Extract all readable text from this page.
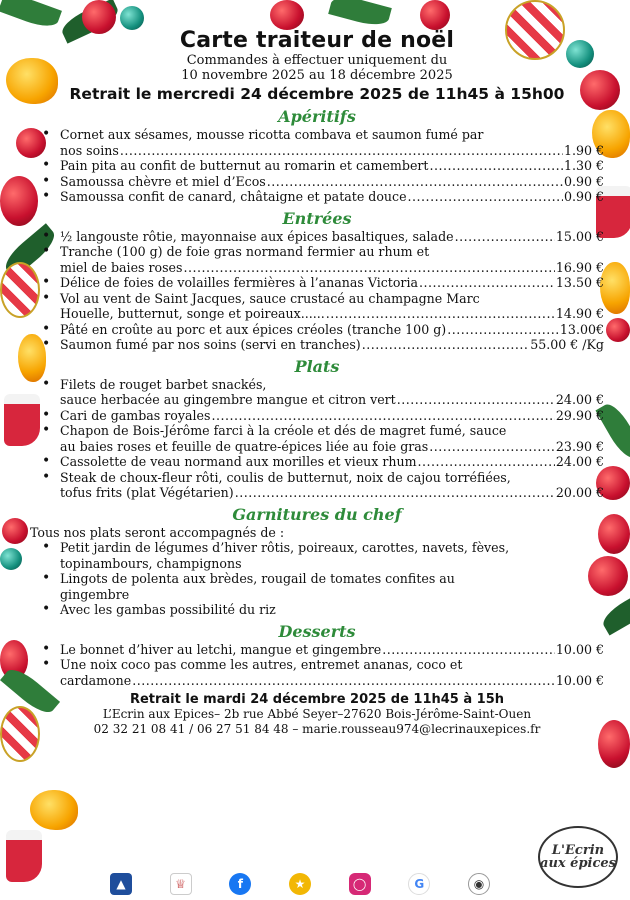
Carte traiteur de noël
Commandes à effectuer uniquement du
10 novembre 2025 au 18 décembre 2025
Retrait le mercredi 24 décembre 2025 de 11h45 à 15h00
Apéritifs
• Cornet aux sésames, mousse ricotta combava et saumon fumé par
nos soins .....	1.90 €
• Pain pita au confit de butternut au romarin et camembert .....	1.30 €
• Samoussa chèvre et miel d’Ecos .....	0.90 €
• Samoussa confit de canard, châtaigne et patate douce .....	0.90 €
Entrées
• ½ langouste rôtie, mayonnaise aux épices basaltiques, salade .....	15.00 €
• Tranche (100 g) de foie gras normand fermier au rhum et
miel de baies roses .....	16.90 €
• Délice de foies de volailles fermières à l’ananas Victoria .....	13.50 €
• Vol au vent de Saint Jacques, sauce crustacé au champagne Marc
Houelle, butternut, songe et poireaux...... .....	14.90 €
• Pâté en croûte au porc et aux épices créoles (tranche 100 g) .....	13.00€
• Saumon fumé par nos soins (servi en tranches) .....	55.00 € /Kg
Plats
• Filets de rouget barbet snackés,
sauce herbacée au gingembre mangue et citron vert .....	24.00 €
• Cari de gambas royales .....	29.90 €
• Chapon de Bois-Jérôme farci à la créole et dés de magret fumé, sauce
au baies roses et feuille de quatre-épices liée au foie gras .....	23.90 €
• Cassolette de veau normand aux morilles et vieux rhum .....	24.00 €
• Steak de choux-fleur rôti, coulis de butternut, noix de cajou torréfiées,
tofus frits (plat Végétarien) .....	20.00 €
Garnitures du chef
Tous nos plats seront accompagnés de :
• Petit jardin de légumes d’hiver rôtis, poireaux, carottes, navets, fèves,
topinambours, champignons
• Lingots de polenta aux brèdes, rougail de tomates confites au
gingembre
• Avec les gambas possibilité du riz
Desserts
• Le bonnet d’hiver au letchi, mangue et gingembre .....	10.00 €
• Une noix coco pas comme les autres, entremet ananas, coco et
cardamone .....	10.00 €
Retrait le mardi 24 décembre 2025 de 11h45 à 15h
L’Ecrin aux Epices– 2b rue Abbé Seyer–27620 Bois-Jérôme-Saint-Ouen
02 32 21 08 41 / 06 27 51 84 48 – marie.rousseau974@lecrinauxepices.fr
L'Ecrin
aux épices
▲	♕	f	★	◯	G	◉
